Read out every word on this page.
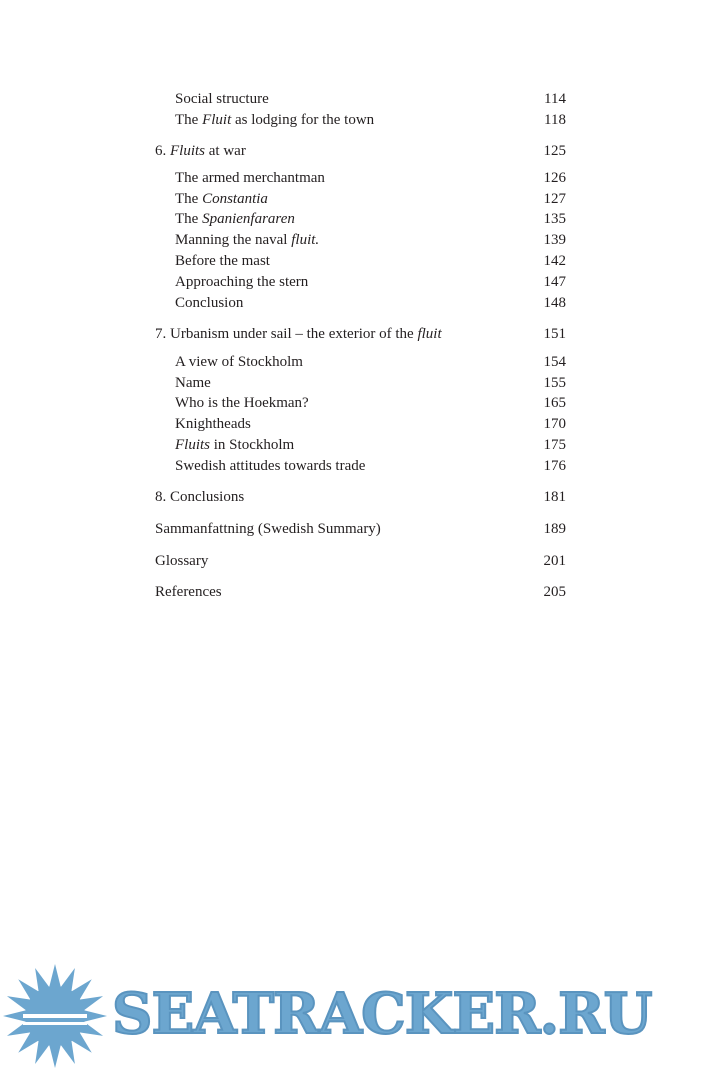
Social structure	114
The Fluit as lodging for the town	118
6. Fluits at war	125
The armed merchantman	126
The Constantia	127
The Spanienfararen	135
Manning the naval fluit.	139
Before the mast	142
Approaching the stern	147
Conclusion	148
7. Urbanism under sail – the exterior of the fluit	151
A view of Stockholm	154
Name	155
Who is the Hoekman?	165
Knightheads	170
Fluits in Stockholm	175
Swedish attitudes towards trade	176
8. Conclusions	181
Sammanfattning (Swedish Summary)	189
Glossary	201
References	205
SEATRACKER.RU
